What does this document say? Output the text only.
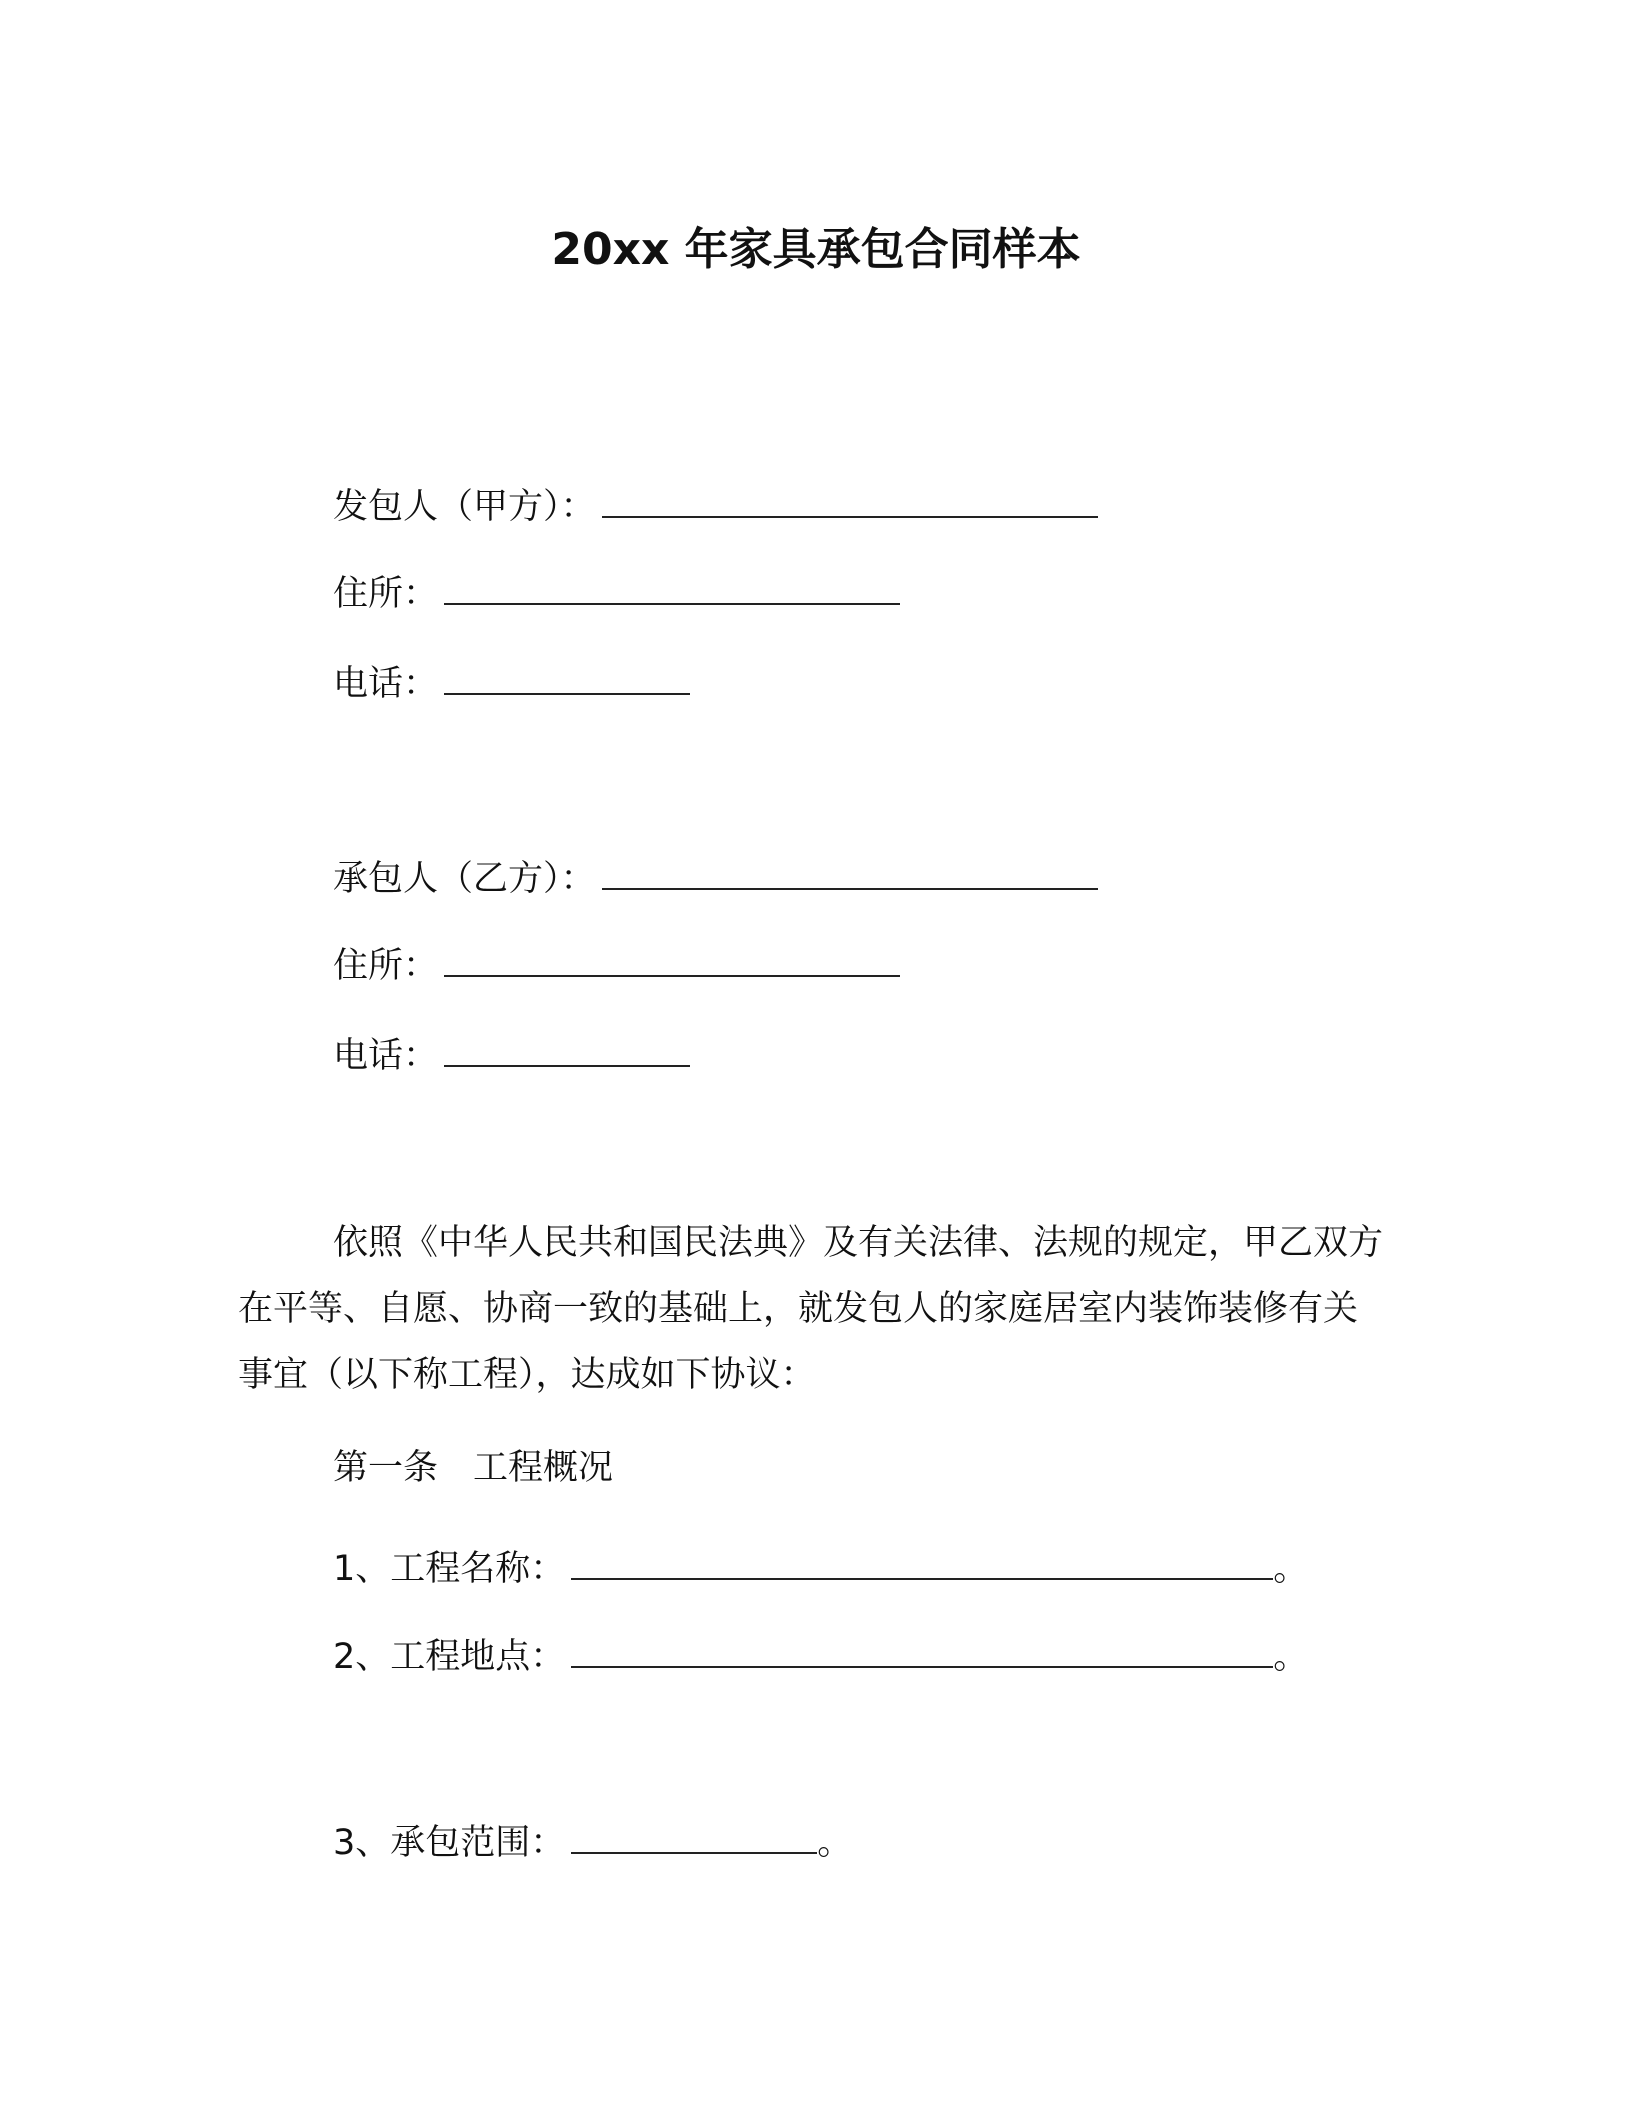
20xx 年家具承包合同样本
发包人（甲方）：
住所：
电话：
承包人（乙方）：
住所：
电话：
依照《中华人民共和国民法典》及有关法律、法规的规定，甲乙双方在平等、自愿、协商一致的基础上，就发包人的家庭居室内装饰装修有关事宜（以下称工程），达成如下协议：
第一条　工程概况
1、工程名称：	。
2、工程地点：	。
3、承包范围：	。
